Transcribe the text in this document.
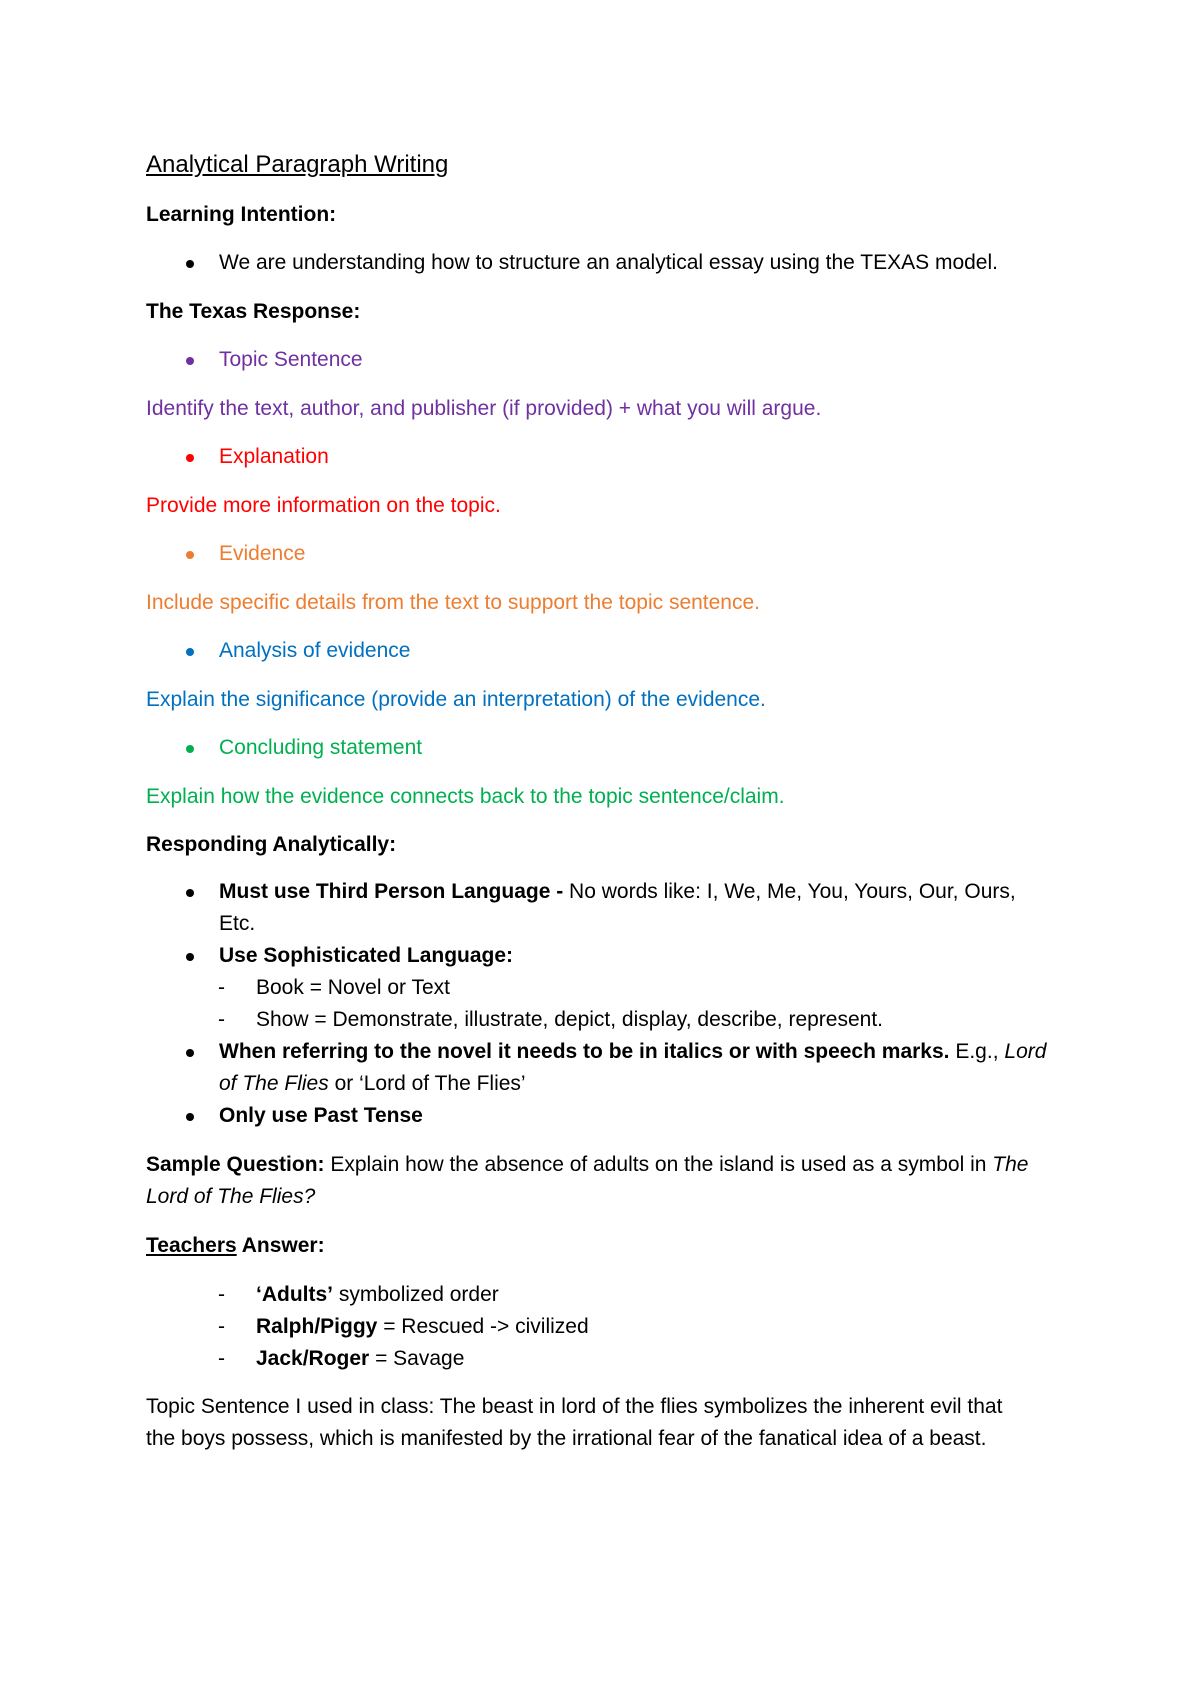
Analytical Paragraph Writing
Learning Intention:
We are understanding how to structure an analytical essay using the TEXAS model.
The Texas Response:
Topic Sentence
Identify the text, author, and publisher (if provided) + what you will argue.
Explanation
Provide more information on the topic.
Evidence
Include specific details from the text to support the topic sentence.
Analysis of evidence
Explain the significance (provide an interpretation) of the evidence.
Concluding statement
Explain how the evidence connects back to the topic sentence/claim.
Responding Analytically:
Must use Third Person Language - No words like: I, We, Me, You, Yours, Our, Ours,
Etc.
Use Sophisticated Language:
- Book = Novel or Text
- Show = Demonstrate, illustrate, depict, display, describe, represent.
When referring to the novel it needs to be in italics or with speech marks. E.g., Lord
of The Flies or ‘Lord of The Flies’
Only use Past Tense
Sample Question: Explain how the absence of adults on the island is used as a symbol in The
Lord of The Flies?
Teachers Answer:
- ‘Adults’ symbolized order
- Ralph/Piggy = Rescued -> civilized
- Jack/Roger = Savage
Topic Sentence I used in class: The beast in lord of the flies symbolizes the inherent evil that
the boys possess, which is manifested by the irrational fear of the fanatical idea of a beast.
